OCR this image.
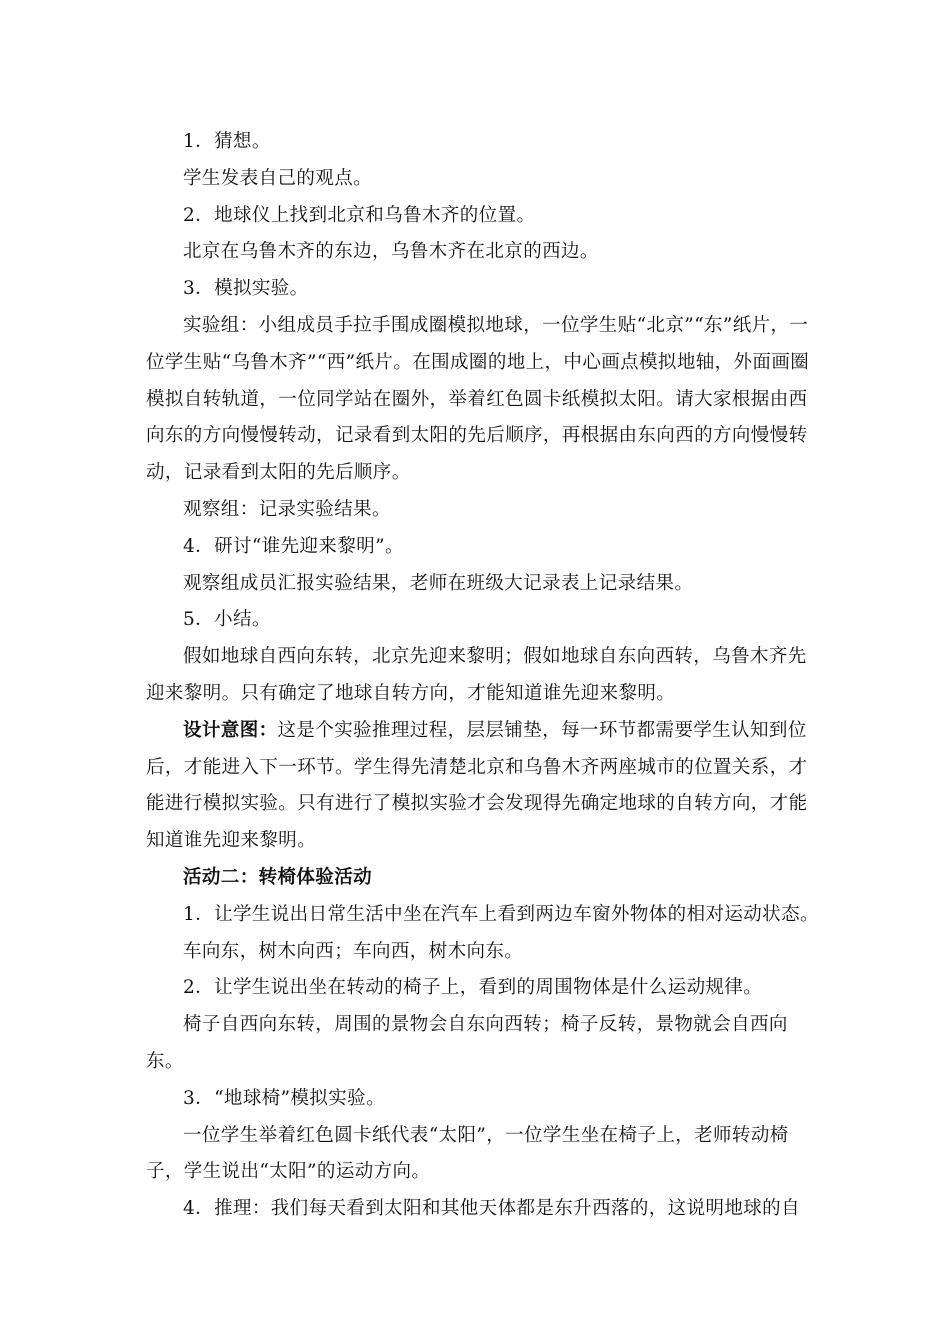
1．猜想。

学生发表自己的观点。

2．地球仪上找到北京和乌鲁木齐的位置。

北京在乌鲁木齐的东边，乌鲁木齐在北京的西边。

3．模拟实验。

实验组：小组成员手拉手围成圈模拟地球，一位学生贴“北京”“东”纸片，一位学生贴“乌鲁木齐”“西”纸片。在围成圈的地上，中心画点模拟地轴，外面画圈模拟自转轨道，一位同学站在圈外，举着红色圆卡纸模拟太阳。请大家根据由西向东的方向慢慢转动，记录看到太阳的先后顺序，再根据由东向西的方向慢慢转动，记录看到太阳的先后顺序。

观察组：记录实验结果。

4．研讨“谁先迎来黎明”。

观察组成员汇报实验结果，老师在班级大记录表上记录结果。

5．小结。

假如地球自西向东转，北京先迎来黎明；假如地球自东向西转，乌鲁木齐先迎来黎明。只有确定了地球自转方向，才能知道谁先迎来黎明。

设计意图：这是个实验推理过程，层层铺垫，每一环节都需要学生认知到位后，才能进入下一环节。学生得先清楚北京和乌鲁木齐两座城市的位置关系，才能进行模拟实验。只有进行了模拟实验才会发现得先确定地球的自转方向，才能知道谁先迎来黎明。

活动二：转椅体验活动

1．让学生说出日常生活中坐在汽车上看到两边车窗外物体的相对运动状态。

车向东，树木向西；车向西，树木向东。

2．让学生说出坐在转动的椅子上，看到的周围物体是什么运动规律。

椅子自西向东转，周围的景物会自东向西转；椅子反转，景物就会自西向东。

3．“地球椅”模拟实验。

一位学生举着红色圆卡纸代表“太阳”，一位学生坐在椅子上，老师转动椅子，学生说出“太阳”的运动方向。

4．推理：我们每天看到太阳和其他天体都是东升西落的，这说明地球的自
